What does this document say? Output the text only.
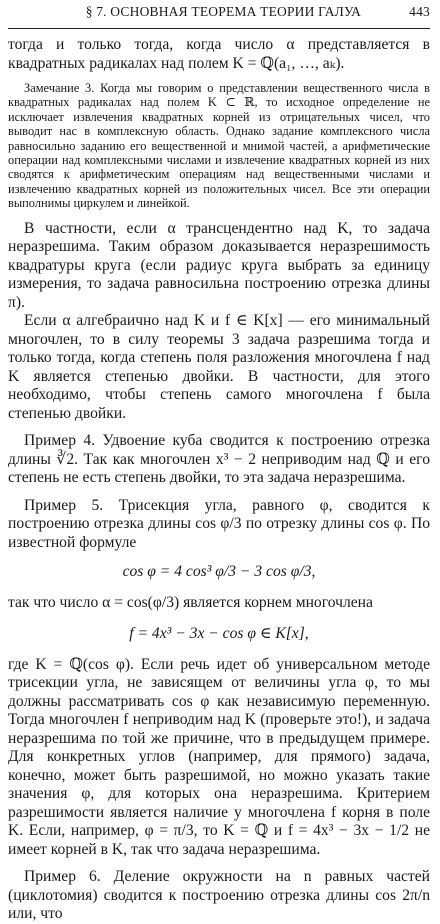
§ 7. ОСНОВНАЯ ТЕОРЕМА ТЕОРИИ ГАЛУА	443

тогда и только тогда, когда число α представляется в квадратных радикалах над полем K = ℚ(a₁, …, aₖ).

Замечание 3. Когда мы говорим о представлении вещественного числа в квадратных радикалах над полем K ⊂ ℝ, то исходное определение не исключает извлечения квадратных корней из отрицательных чисел, что выводит нас в комплексную область. Однако задание комплексного числа равносильно заданию его вещественной и мнимой частей, а арифметические операции над комплексными числами и извлечение квадратных корней из них сводятся к арифметическим операциям над вещественными числами и извлечению квадратных корней из положительных чисел. Все эти операции выполнимы циркулем и линейкой.

В частности, если α трансцендентно над K, то задача неразрешима. Таким образом доказывается неразрешимость квадратуры круга (если радиус круга выбрать за единицу измерения, то задача равносильна построению отрезка длины π).

Если α алгебраично над K и f ∈ K[x] — его минимальный многочлен, то в силу теоремы 3 задача разрешима тогда и только тогда, когда степень поля разложения многочлена f над K является степенью двойки. В частности, для этого необходимо, чтобы степень самого многочлена f была степенью двойки.

Пример 4. Удвоение куба сводится к построению отрезка длины ∛2. Так как многочлен x³ − 2 неприводим над ℚ и его степень не есть степень двойки, то эта задача неразрешима.

Пример 5. Трисекция угла, равного φ, сводится к построению отрезка длины cos φ/3 по отрезку длины cos φ. По известной формуле

cos φ = 4 cos³ φ/3 − 3 cos φ/3,

так что число α = cos(φ/3) является корнем многочлена

f = 4x³ − 3x − cos φ ∈ K[x],

где K = ℚ(cos φ). Если речь идет об универсальном методе трисекции угла, не зависящем от величины угла φ, то мы должны рассматривать cos φ как независимую переменную. Тогда многочлен f неприводим над K (проверьте это!), и задача неразрешима по той же причине, что в предыдущем примере. Для конкретных углов (например, для прямого) задача, конечно, может быть разрешимой, но можно указать такие значения φ, для которых она неразрешима. Критерием разрешимости является наличие у многочлена f корня в поле K. Если, например, φ = π/3, то K = ℚ и f = 4x³ − 3x − 1/2 не имеет корней в K, так что задача неразрешима.

Пример 6. Деление окружности на n равных частей (циклотомия) сводится к построению отрезка длины cos 2π/n или, что
